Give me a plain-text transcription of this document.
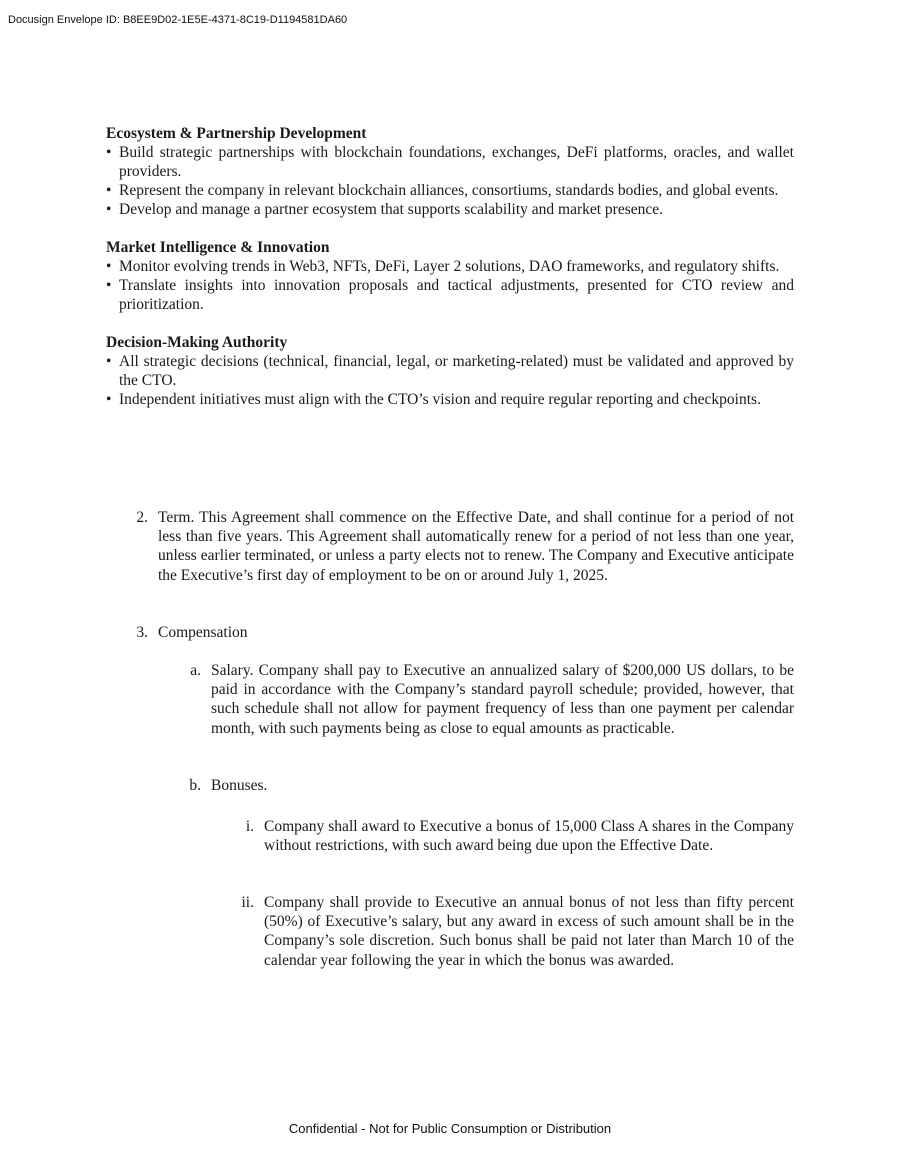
Docusign Envelope ID: B8EE9D02-1E5E-4371-8C19-D1194581DA60

Ecosystem & Partnership Development

• Build strategic partnerships with blockchain foundations, exchanges, DeFi platforms, oracles, and wallet providers.
• Represent the company in relevant blockchain alliances, consortiums, standards bodies, and global events.
• Develop and manage a partner ecosystem that supports scalability and market presence.

Market Intelligence & Innovation

• Monitor evolving trends in Web3, NFTs, DeFi, Layer 2 solutions, DAO frameworks, and regulatory shifts.
• Translate insights into innovation proposals and tactical adjustments, presented for CTO review and prioritization.

Decision-Making Authority

• All strategic decisions (technical, financial, legal, or marketing-related) must be validated and approved by the CTO.
• Independent initiatives must align with the CTO’s vision and require regular reporting and checkpoints.
2. Term. This Agreement shall commence on the Effective Date, and shall continue for a period of not less than five years. This Agreement shall automatically renew for a period of not less than one year, unless earlier terminated, or unless a party elects not to renew. The Company and Executive anticipate the Executive’s first day of employment to be on or around July 1, 2025.

3. Compensation

a. Salary. Company shall pay to Executive an annualized salary of $200,000 US dollars, to be paid in accordance with the Company’s standard payroll schedule; provided, however, that such schedule shall not allow for payment frequency of less than one payment per calendar month, with such payments being as close to equal amounts as practicable.

b. Bonuses.

i. Company shall award to Executive a bonus of 15,000 Class A shares in the Company without restrictions, with such award being due upon the Effective Date.

ii. Company shall provide to Executive an annual bonus of not less than fifty percent (50%) of Executive’s salary, but any award in excess of such amount shall be in the Company’s sole discretion. Such bonus shall be paid not later than March 10 of the calendar year following the year in which the bonus was awarded.

Confidential - Not for Public Consumption or Distribution
